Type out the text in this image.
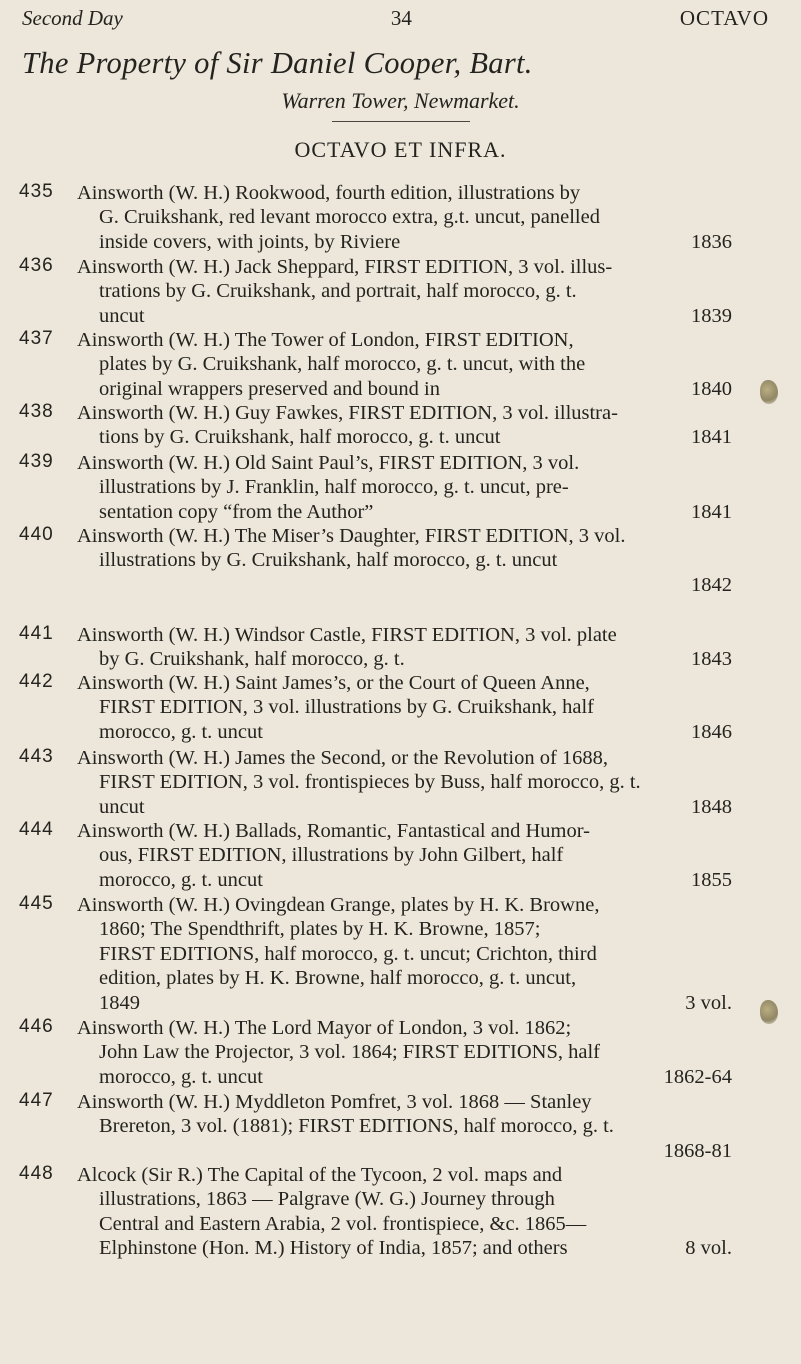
Second Day	34	OCTAVO
The Property of Sir Daniel Cooper, Bart.
Warren Tower, Newmarket.
OCTAVO ET INFRA.
435 Ainsworth (W. H.) Rookwood, fourth edition, illustrations by
G. Cruikshank, red levant morocco extra, g.t. uncut, panelled
inside covers, with joints, by Riviere	1836
436 Ainsworth (W. H.) Jack Sheppard, FIRST EDITION, 3 vol. illus-
trations by G. Cruikshank, and portrait, half morocco, g. t.
uncut	1839
437 Ainsworth (W. H.) The Tower of London, FIRST EDITION,
plates by G. Cruikshank, half morocco, g. t. uncut, with the
original wrappers preserved and bound in	1840
438 Ainsworth (W. H.) Guy Fawkes, FIRST EDITION, 3 vol. illustra-
tions by G. Cruikshank, half morocco, g. t. uncut	1841
439 Ainsworth (W. H.) Old Saint Paul’s, FIRST EDITION, 3 vol.
illustrations by J. Franklin, half morocco, g. t. uncut, pre-
sentation copy “from the Author”	1841
440 Ainsworth (W. H.) The Miser’s Daughter, FIRST EDITION, 3 vol.
illustrations by G. Cruikshank, half morocco, g. t. uncut
1842
441 Ainsworth (W. H.) Windsor Castle, FIRST EDITION, 3 vol. plate
by G. Cruikshank, half morocco, g. t.	1843
442 Ainsworth (W. H.) Saint James’s, or the Court of Queen Anne,
FIRST EDITION, 3 vol. illustrations by G. Cruikshank, half
morocco, g. t. uncut	1846
443 Ainsworth (W. H.) James the Second, or the Revolution of 1688,
FIRST EDITION, 3 vol. frontispieces by Buss, half morocco, g. t.
uncut	1848
444 Ainsworth (W. H.) Ballads, Romantic, Fantastical and Humor-
ous, FIRST EDITION, illustrations by John Gilbert, half
morocco, g. t. uncut	1855
445 Ainsworth (W. H.) Ovingdean Grange, plates by H. K. Browne,
1860; The Spendthrift, plates by H. K. Browne, 1857;
FIRST EDITIONS, half morocco, g. t. uncut; Crichton, third
edition, plates by H. K. Browne, half morocco, g. t. uncut,
1849	3 vol.
446 Ainsworth (W. H.) The Lord Mayor of London, 3 vol. 1862;
John Law the Projector, 3 vol. 1864; FIRST EDITIONS, half
morocco, g. t. uncut	1862-64
447 Ainsworth (W. H.) Myddleton Pomfret, 3 vol. 1868 — Stanley
Brereton, 3 vol. (1881); FIRST EDITIONS, half morocco, g. t.
1868-81
448 Alcock (Sir R.) The Capital of the Tycoon, 2 vol. maps and
illustrations, 1863 — Palgrave (W. G.) Journey through
Central and Eastern Arabia, 2 vol. frontispiece, &c. 1865—
Elphinstone (Hon. M.) History of India, 1857; and others	8 vol.
